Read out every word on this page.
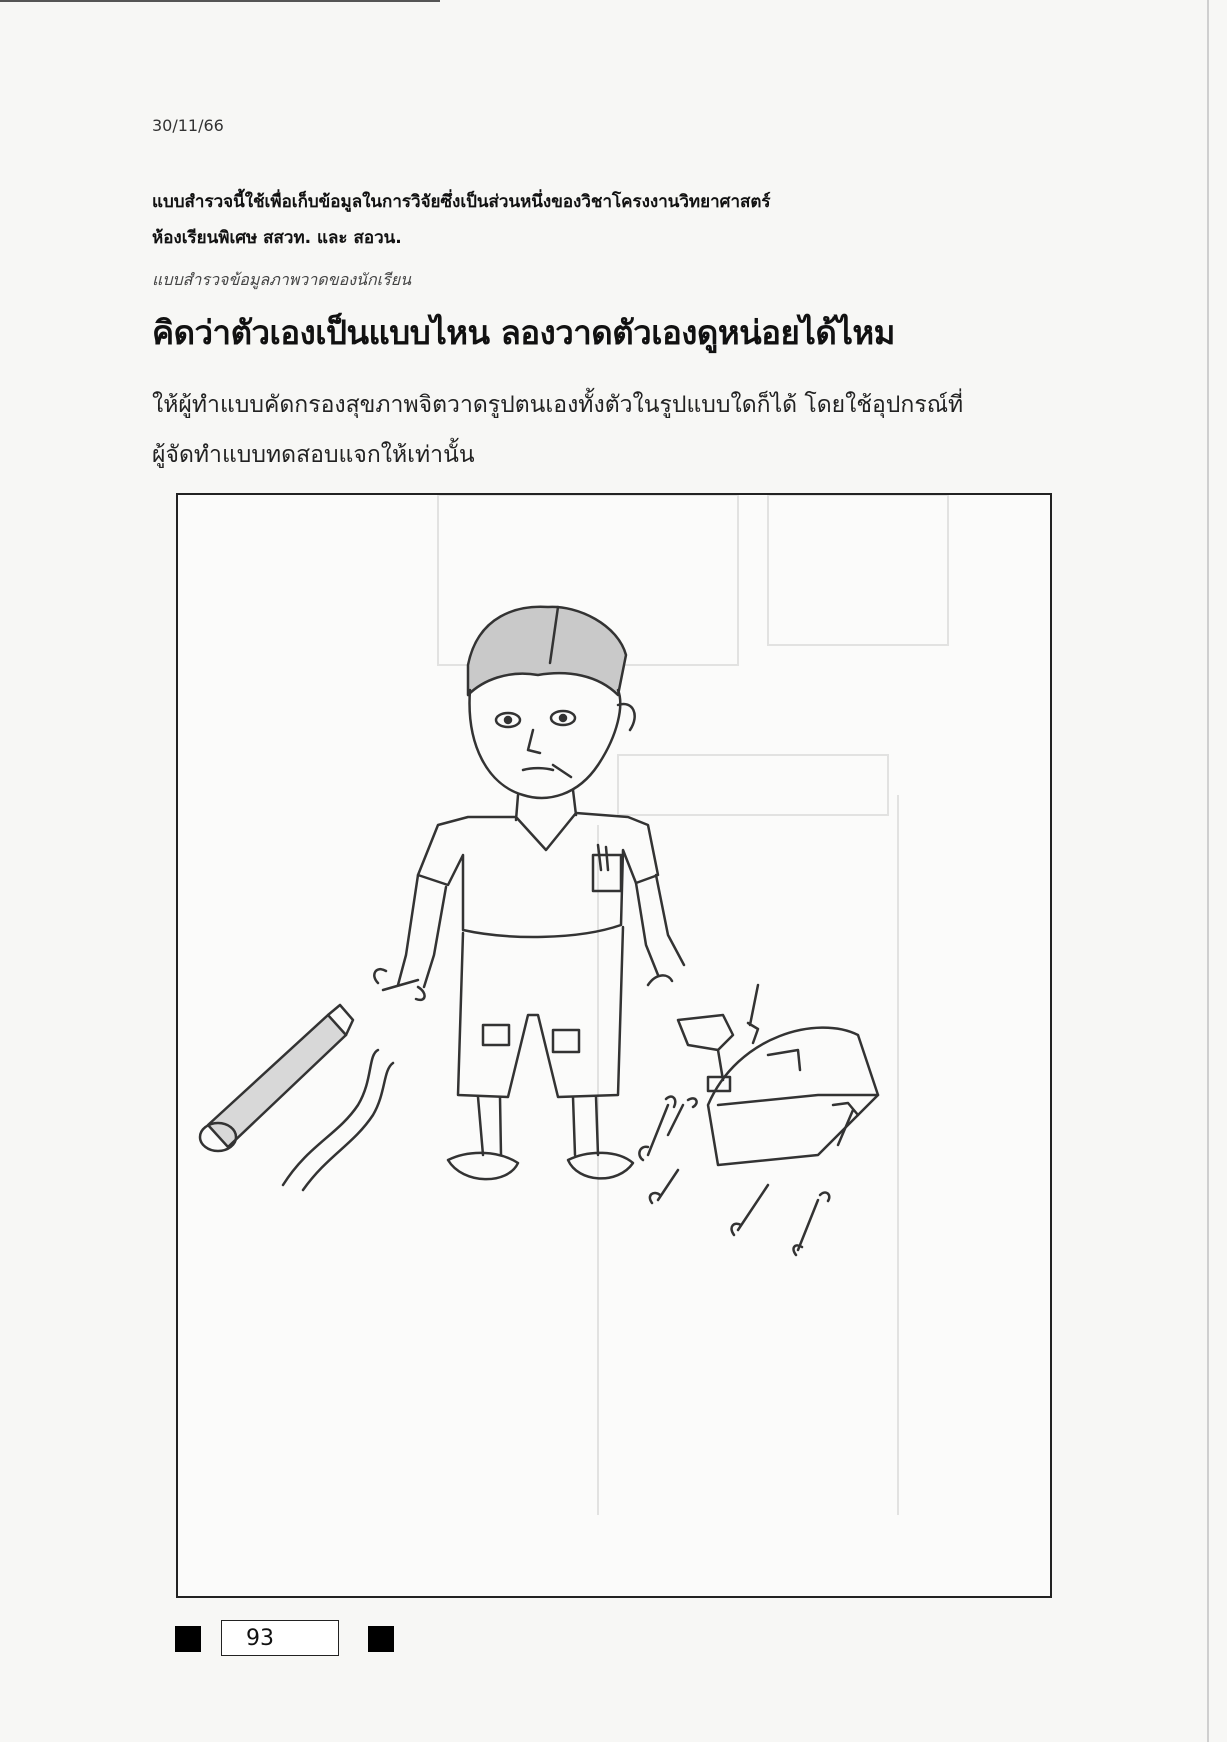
30/11/66
แบบสำรวจนี้ใช้เพื่อเก็บข้อมูลในการวิจัยซึ่งเป็นส่วนหนึ่งของวิชาโครงงานวิทยาศาสตร์
ห้องเรียนพิเศษ สสวท. และ สอวน.
แบบสำรวจข้อมูลภาพวาดของนักเรียน
คิดว่าตัวเองเป็นแบบไหน ลองวาดตัวเองดูหน่อยได้ไหม
ให้ผู้ทำแบบคัดกรองสุขภาพจิตวาดรูปตนเองทั้งตัวในรูปแบบใดก็ได้ โดยใช้อุปกรณ์ที่
ผู้จัดทำแบบทดสอบแจกให้เท่านั้น
93
